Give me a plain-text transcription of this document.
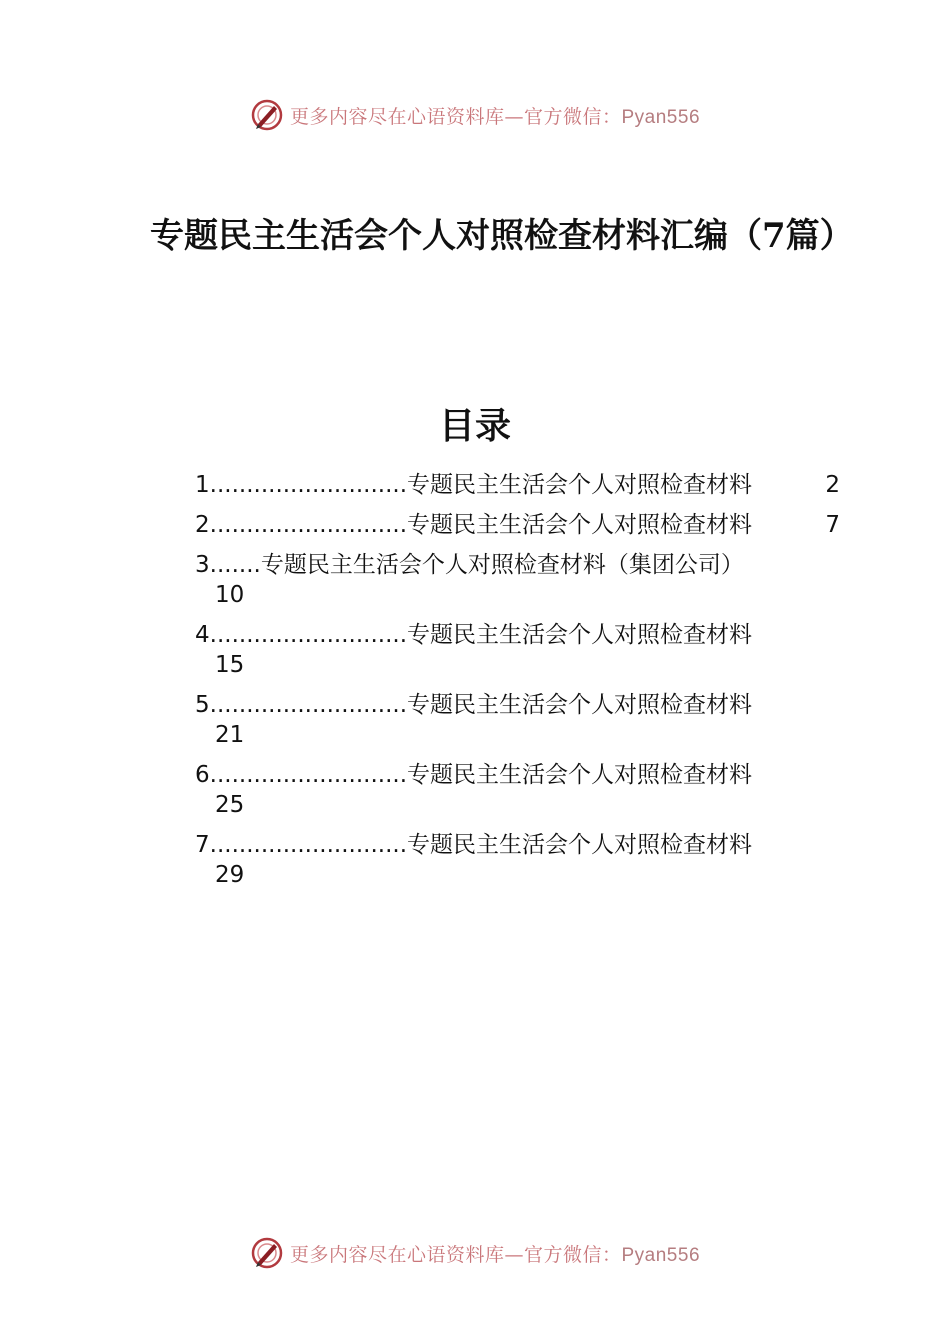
更多内容尽在心语资料库—官方微信：Pyan556
专题民主生活会个人对照检查材料汇编（7篇）
目录
1...........................专题民主生活会个人对照检查材料	2
2...........................专题民主生活会个人对照检查材料	7
3.......专题民主生活会个人对照检查材料（集团公司）
10
4...........................专题民主生活会个人对照检查材料
15
5...........................专题民主生活会个人对照检查材料
21
6...........................专题民主生活会个人对照检查材料
25
7...........................专题民主生活会个人对照检查材料
29
更多内容尽在心语资料库—官方微信：Pyan556
